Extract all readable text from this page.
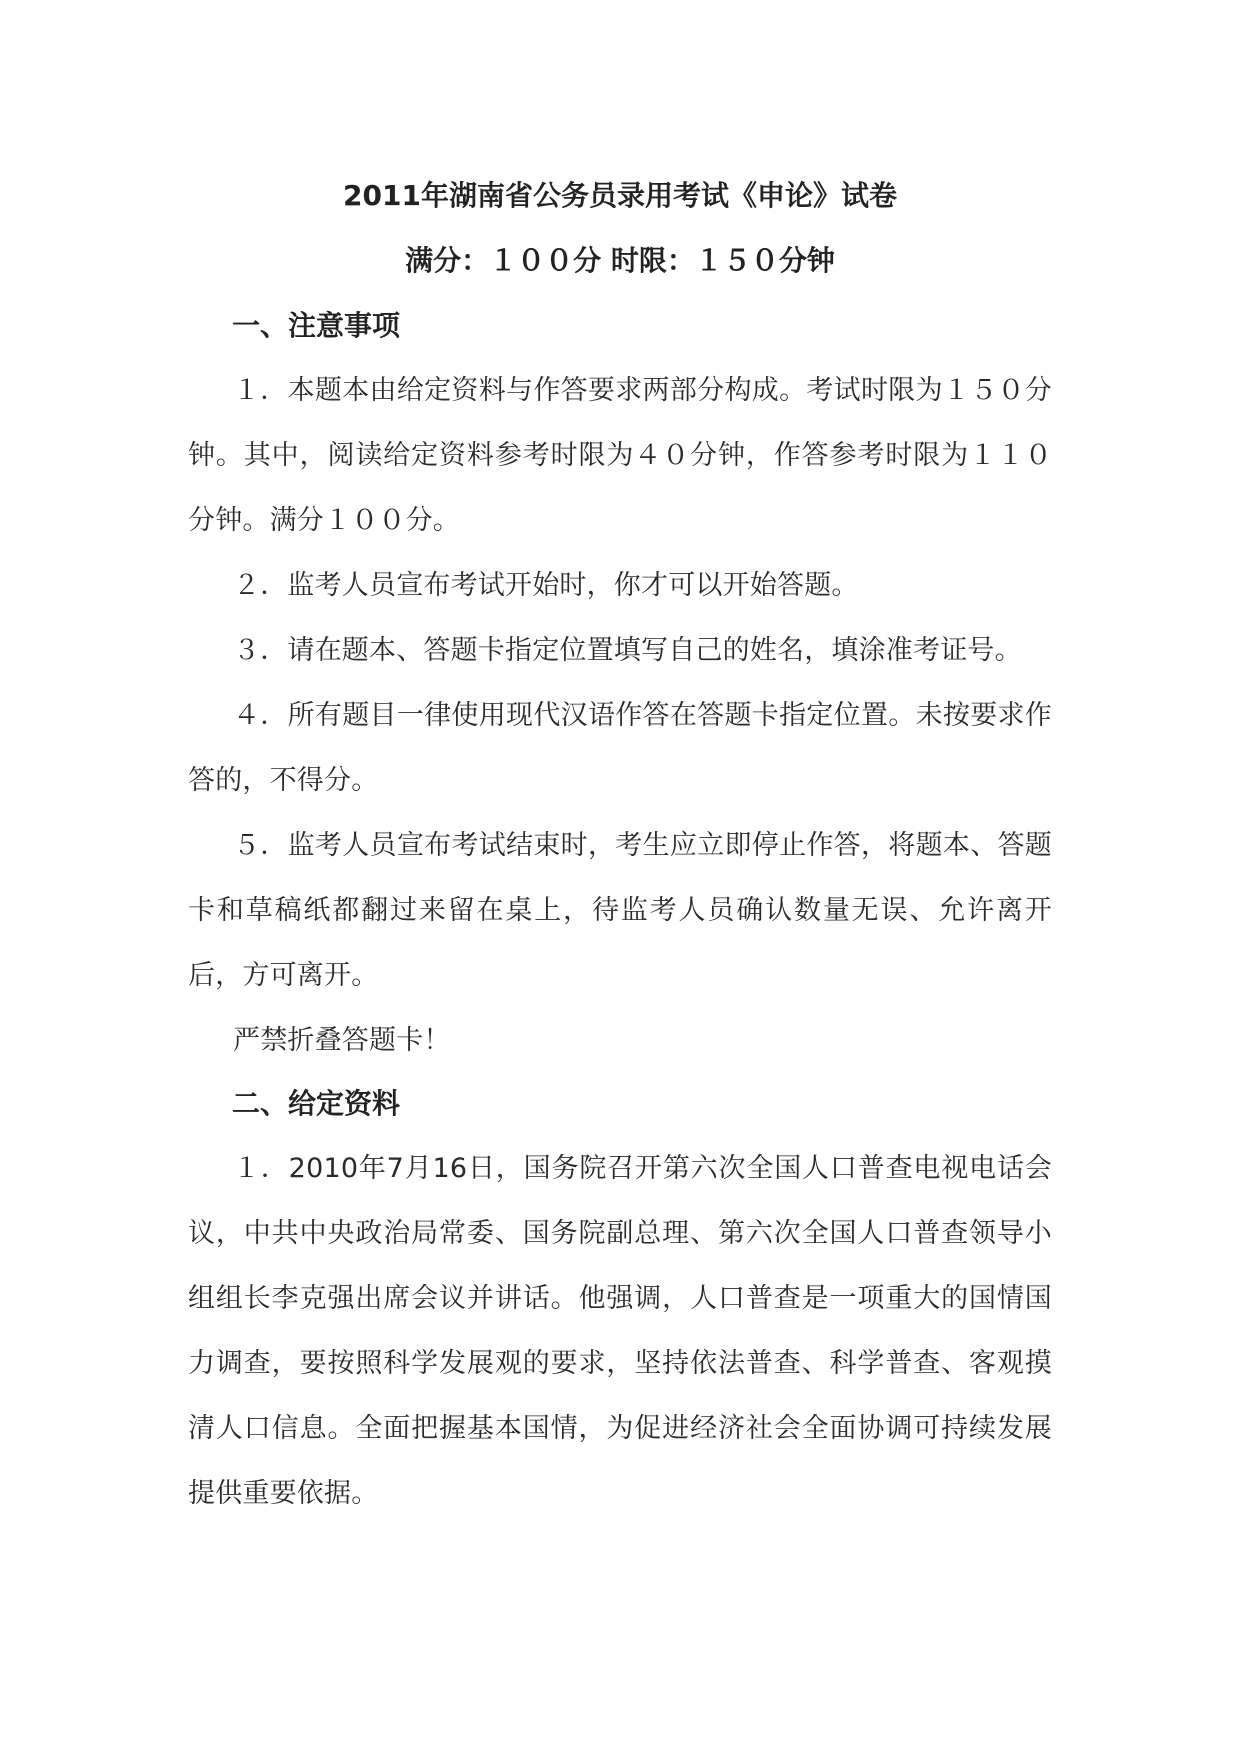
2011年湖南省公务员录用考试《申论》试卷
满分：１００分 时限：１５０分钟
一、注意事项

１．本题本由给定资料与作答要求两部分构成。考试时限为１５０分钟。其中，阅读给定资料参考时限为４０分钟，作答参考时限为１１０分钟。满分１００分。

２．监考人员宣布考试开始时，你才可以开始答题。

３．请在题本、答题卡指定位置填写自己的姓名，填涂准考证号。

４．所有题目一律使用现代汉语作答在答题卡指定位置。未按要求作答的，不得分。

５．监考人员宣布考试结束时，考生应立即停止作答，将题本、答题卡和草稿纸都翻过来留在桌上，待监考人员确认数量无误、允许离开后，方可离开。

严禁折叠答题卡！

二、给定资料

１．2010年7月16日，国务院召开第六次全国人口普查电视电话会议，中共中央政治局常委、国务院副总理、第六次全国人口普查领导小组组长李克强出席会议并讲话。他强调，人口普查是一项重大的国情国力调查，要按照科学发展观的要求，坚持依法普查、科学普查、客观摸清人口信息。全面把握基本国情，为促进经济社会全面协调可持续发展提供重要依据。
